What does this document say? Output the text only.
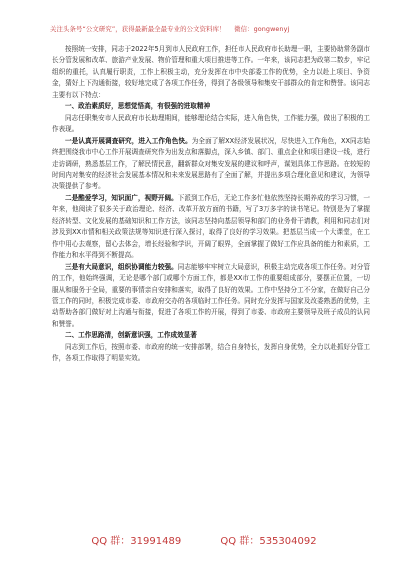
关注头条号“公文研究”，获得最新最全最专业的公文资料库！ 微信：gongwenyj

按照统一安排，同志于2022年5月到市人民政府工作，担任市人民政府市长助理一职，主要协助常务副市长分管发展和改革、旅游产业发展、物价管理和重大项目推进等工作。一年来，该同志把为政第二数步，牢记组织的重托，认真履行职责，工作上积极主动，充分发挥在市中央部委工作的优势，全力以赴上项目、争资金，猜好上下沟通衔接，较好地完成了各项工作任务，得到了各级领导和集安干部群众的肯定和赞誉。该同志主要有以下特点：

一、政治素质好，思想觉悟高，有很强的进取精神

同志任职集安市人民政府市长助理期间，能够理论结合实际，进入角色快，工作能力强，做出了积极的工作表现。

一是认真开展调查研究，进入工作角色快。为全面了解XX经济发展状况，尽快进入工作角色，XX同志始终把围绕我市中心工作开展调查研究作为出发点和落脚点，深入乡镇、部门、重点企业和项目建设一线，进行走访调研，熟悉基层工作，了解民情民意，翻新群众对集安发展的建议和呼声，谋划具体工作思路。在较短的时间内对集安的经济社会发展基本情况和未来发展思路有了全面了解，并提出多项合理化意见和建议，为领导决策提供了参考。

二是酷爱学习，知识面广，视野开阔。下派到工作后，无论工作多忙他依然坚持长期养成的学习习惯，一年来，他阅读了很多关于政治理论、经济、改革开放方面的书籍，写了3万多字的读书笔记。特别是为了掌握经济转型、文化发展的基础知识和工作方法，该同志坚持向基层领导和部门的业务骨干请教，利用和同志们对涉及到XX市情和相关政策法规等知识进行深入探讨，取得了良好的学习效果。把基层当成一个大课堂，在工作中用心去观察，留心去体会，增长经验和学识，开阔了眼界，全面掌握了做好工作应具备的能力和素质，工作能力和水平得到不断提高。

三是有大局意识，组织协调能力较强。同志能够牢牢树立大局意识，积极主动完成各项工作任务。对分管的工作，他始终强调，无论是哪个部门或哪个方面工作，都是XX市工作的重要组成部分，要摆正位置，一切服从和服务于全局，重要的事情亲自安排和落实，取得了良好的效果。工作中坚持分工不分家，在做好自己分管工作的同时，积极完成市委、市政府交办的各项临时工作任务。同时充分发挥与国家及改委熟悉的优势，主动帮助各部门做好对上沟通与衔接，促进了各项工作的开展，得到了市委、市政府主要领导及班子成员的认同和赞誉。

二、工作思路清，创新意识强，工作成效显著

同志到工作后，按照市委、市政府的统一安排部署，结合自身特长，发挥自身优势，全力以赴抓好分管工作，各项工作取得了明显实效。

QQ 群：31991489	QQ 群：535304092
